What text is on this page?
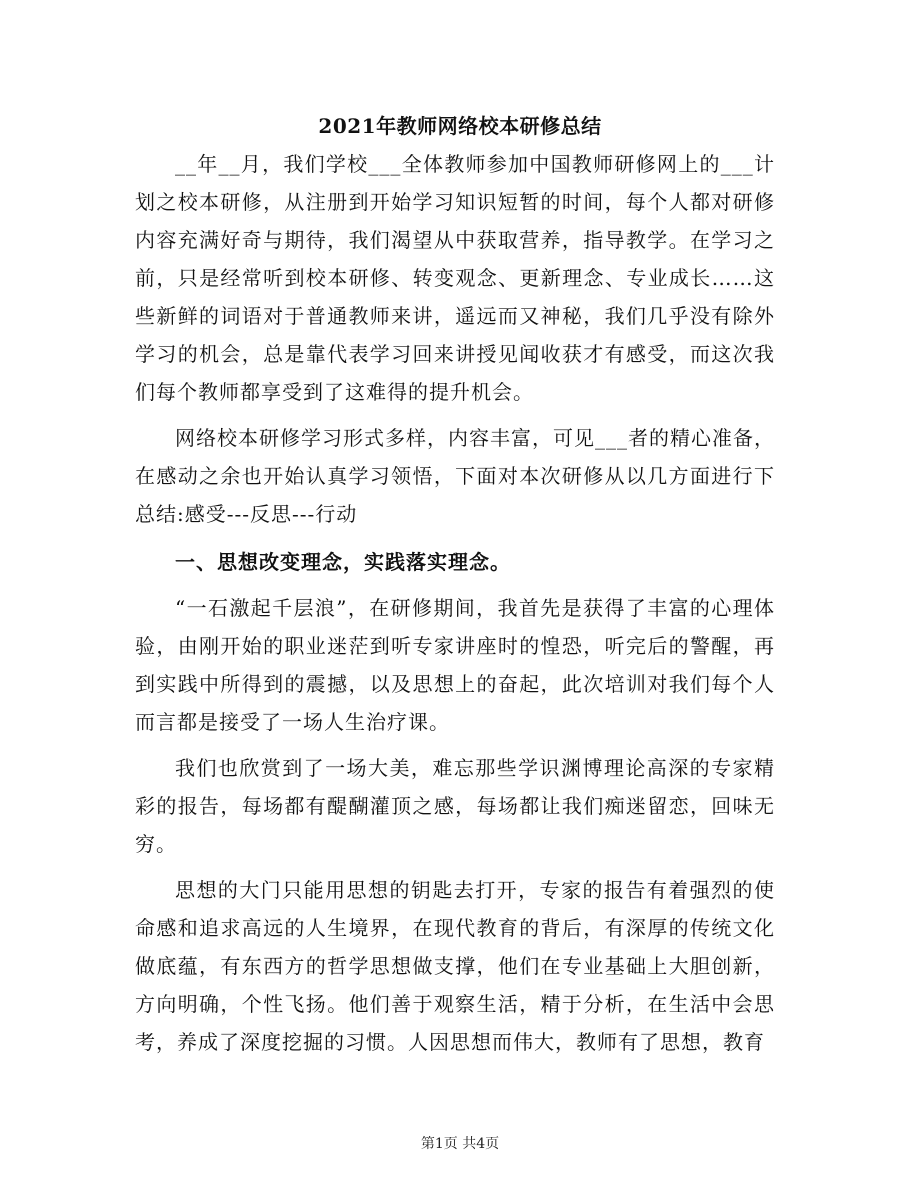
2021年教师网络校本研修总结

__年__月，我们学校___全体教师参加中国教师研修网上的___计划之校本研修，从注册到开始学习知识短暂的时间，每个人都对研修内容充满好奇与期待，我们渴望从中获取营养，指导教学。在学习之前，只是经常听到校本研修、转变观念、更新理念、专业成长……这些新鲜的词语对于普通教师来讲，遥远而又神秘，我们几乎没有除外学习的机会，总是靠代表学习回来讲授见闻收获才有感受，而这次我们每个教师都享受到了这难得的提升机会。

网络校本研修学习形式多样，内容丰富，可见___者的精心准备，在感动之余也开始认真学习领悟，下面对本次研修从以几方面进行下总结:感受---反思---行动

一、思想改变理念，实践落实理念。

“一石激起千层浪”，在研修期间，我首先是获得了丰富的心理体验，由刚开始的职业迷茫到听专家讲座时的惶恐，听完后的警醒，再到实践中所得到的震撼，以及思想上的奋起，此次培训对我们每个人而言都是接受了一场人生治疗课。

我们也欣赏到了一场大美，难忘那些学识渊博理论高深的专家精彩的报告，每场都有醍醐灌顶之感，每场都让我们痴迷留恋，回味无穷。

思想的大门只能用思想的钥匙去打开，专家的报告有着强烈的使命感和追求高远的人生境界，在现代教育的背后，有深厚的传统文化做底蕴，有东西方的哲学思想做支撑，他们在专业基础上大胆创新，方向明确，个性飞扬。他们善于观察生活，精于分析，在生活中会思考，养成了深度挖掘的习惯。人因思想而伟大，教师有了思想，教育

第1页 共4页
